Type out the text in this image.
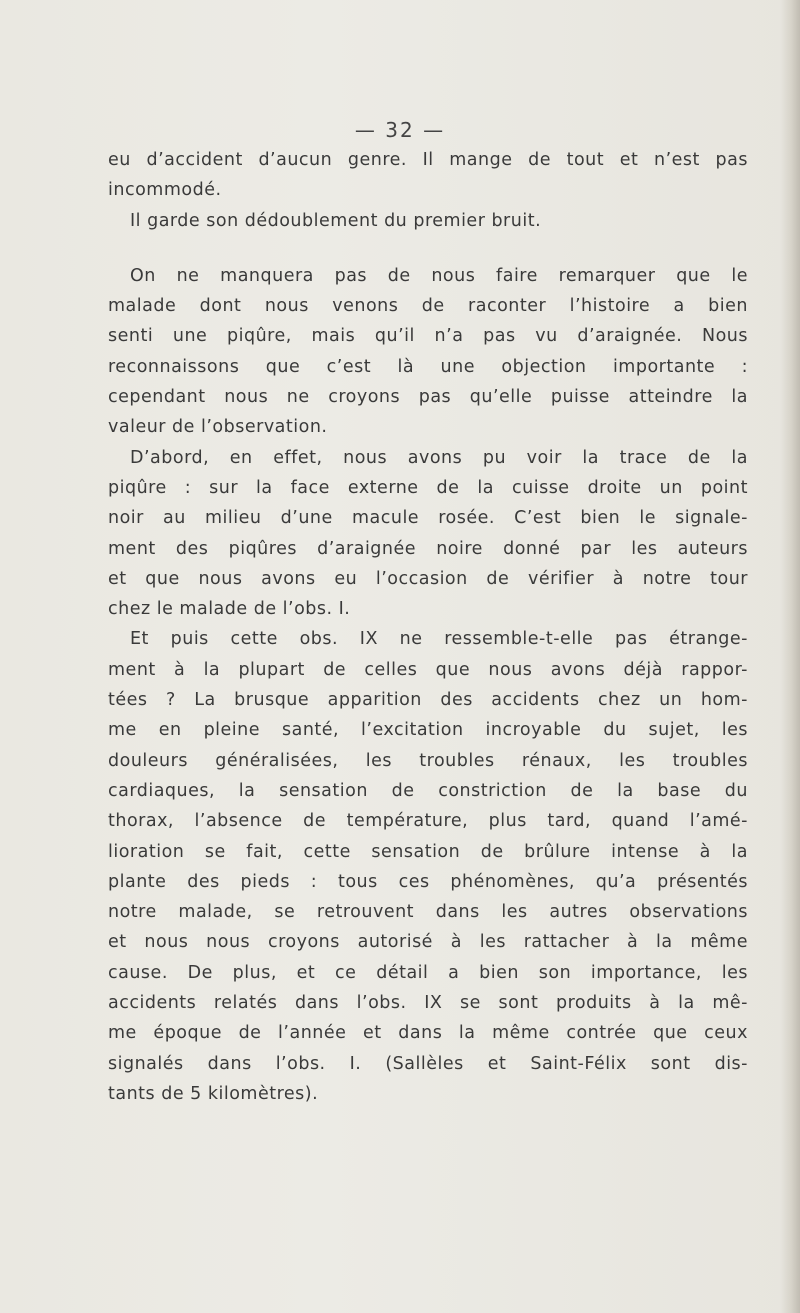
— 32 —
eu d’accident d’aucun genre. Il mange de tout et n’est pas
incommodé.
Il garde son dédoublement du premier bruit.
On ne manquera pas de nous faire remarquer que le
malade dont nous venons de raconter l’histoire a bien
senti une piqûre, mais qu’il n’a pas vu d’araignée. Nous
reconnaissons que c’est là une objection importante :
cependant nous ne croyons pas qu’elle puisse atteindre la
valeur de l’observation.
D’abord, en effet, nous avons pu voir la trace de la
piqûre : sur la face externe de la cuisse droite un point
noir au milieu d’une macule rosée. C’est bien le signale-
ment des piqûres d’araignée noire donné par les auteurs
et que nous avons eu l’occasion de vérifier à notre tour
chez le malade de l’obs. I.
Et puis cette obs. IX ne ressemble-t-elle pas étrange-
ment à la plupart de celles que nous avons déjà rappor-
tées ? La brusque apparition des accidents chez un hom-
me en pleine santé, l’excitation incroyable du sujet, les
douleurs généralisées, les troubles rénaux, les troubles
cardiaques, la sensation de constriction de la base du
thorax, l’absence de température, plus tard, quand l’amé-
lioration se fait, cette sensation de brûlure intense à la
plante des pieds : tous ces phénomènes, qu’a présentés
notre malade, se retrouvent dans les autres observations
et nous nous croyons autorisé à les rattacher à la même
cause. De plus, et ce détail a bien son importance, les
accidents relatés dans l’obs. IX se sont produits à la mê-
me époque de l’année et dans la même contrée que ceux
signalés dans l’obs. I. (Sallèles et Saint-Félix sont dis-
tants de 5 kilomètres).
